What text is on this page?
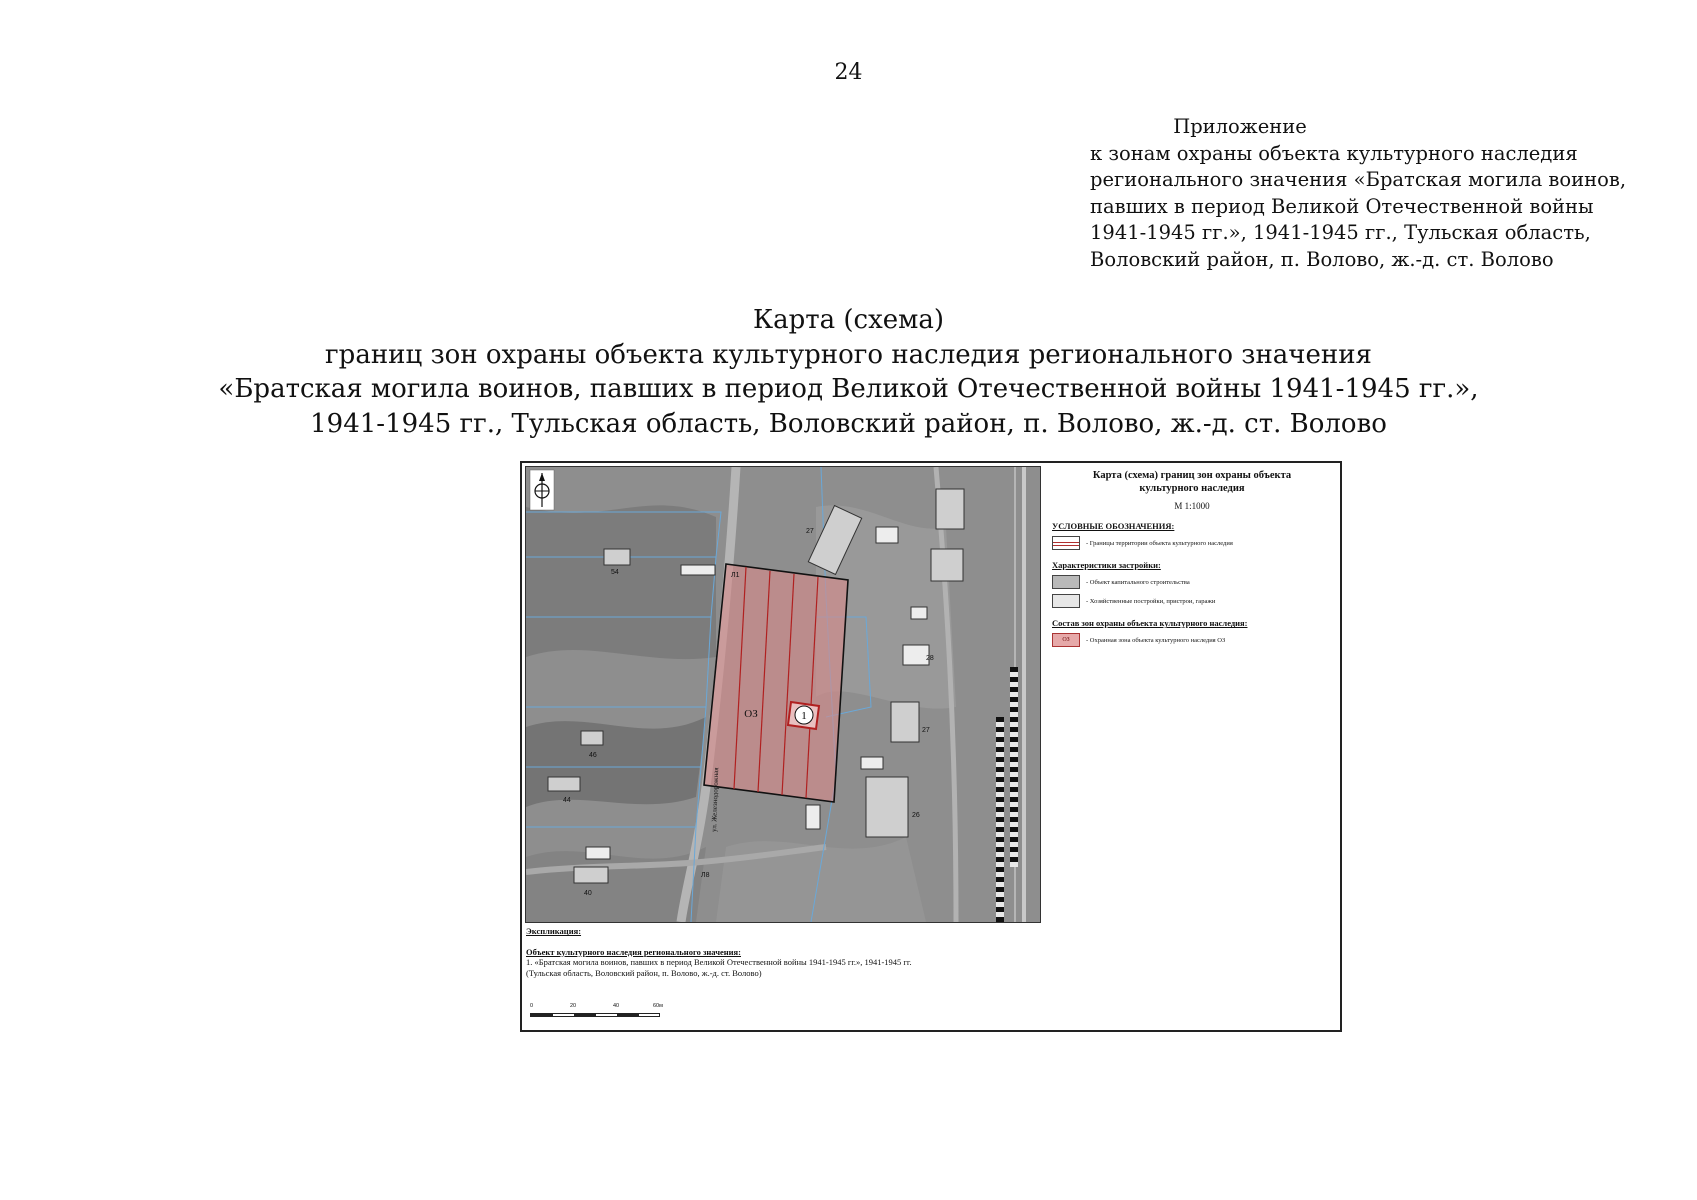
24
Приложение
к зонам охраны объекта культурного наследия
регионального значения «Братская могила воинов,
павших в период Великой Отечественной войны
1941-1945 гг.», 1941-1945 гг., Тульская область,
Воловский район, п. Волово, ж.-д. ст. Волово
Карта (схема)
границ зон охраны объекта культурного наследия регионального значения
«Братская могила воинов, павших в период Великой Отечественной войны 1941-1945 гг.»,
1941-1945 гг., Тульская область, Воловский район, п. Волово, ж.-д. ст. Волово
1
ОЗ
Л1
Л8
ул. Железнодорожная
27
28
27
26
54
46
44
40
Карта (схема) границ зон охраны объекта
культурного наследия
М 1:1000
УСЛОВНЫЕ ОБОЗНАЧЕНИЯ:
- Границы территории объекта культурного наследия
Характеристики застройки:
- Объект капитального строительства
- Хозяйственные постройки, пристрои, гаражи
Состав зон охраны объекта культурного наследия:
ОЗ	- Охранная зона объекта культурного наследия ОЗ
Экспликация:
Объект культурного наследия регионального значения:
1. «Братская могила воинов, павших в период Великой Отечественной войны 1941-1945 гг.», 1941-1945 гг.
(Тульская область, Воловский район, п. Волово, ж.-д. ст. Волово)
0	20	40	60м
